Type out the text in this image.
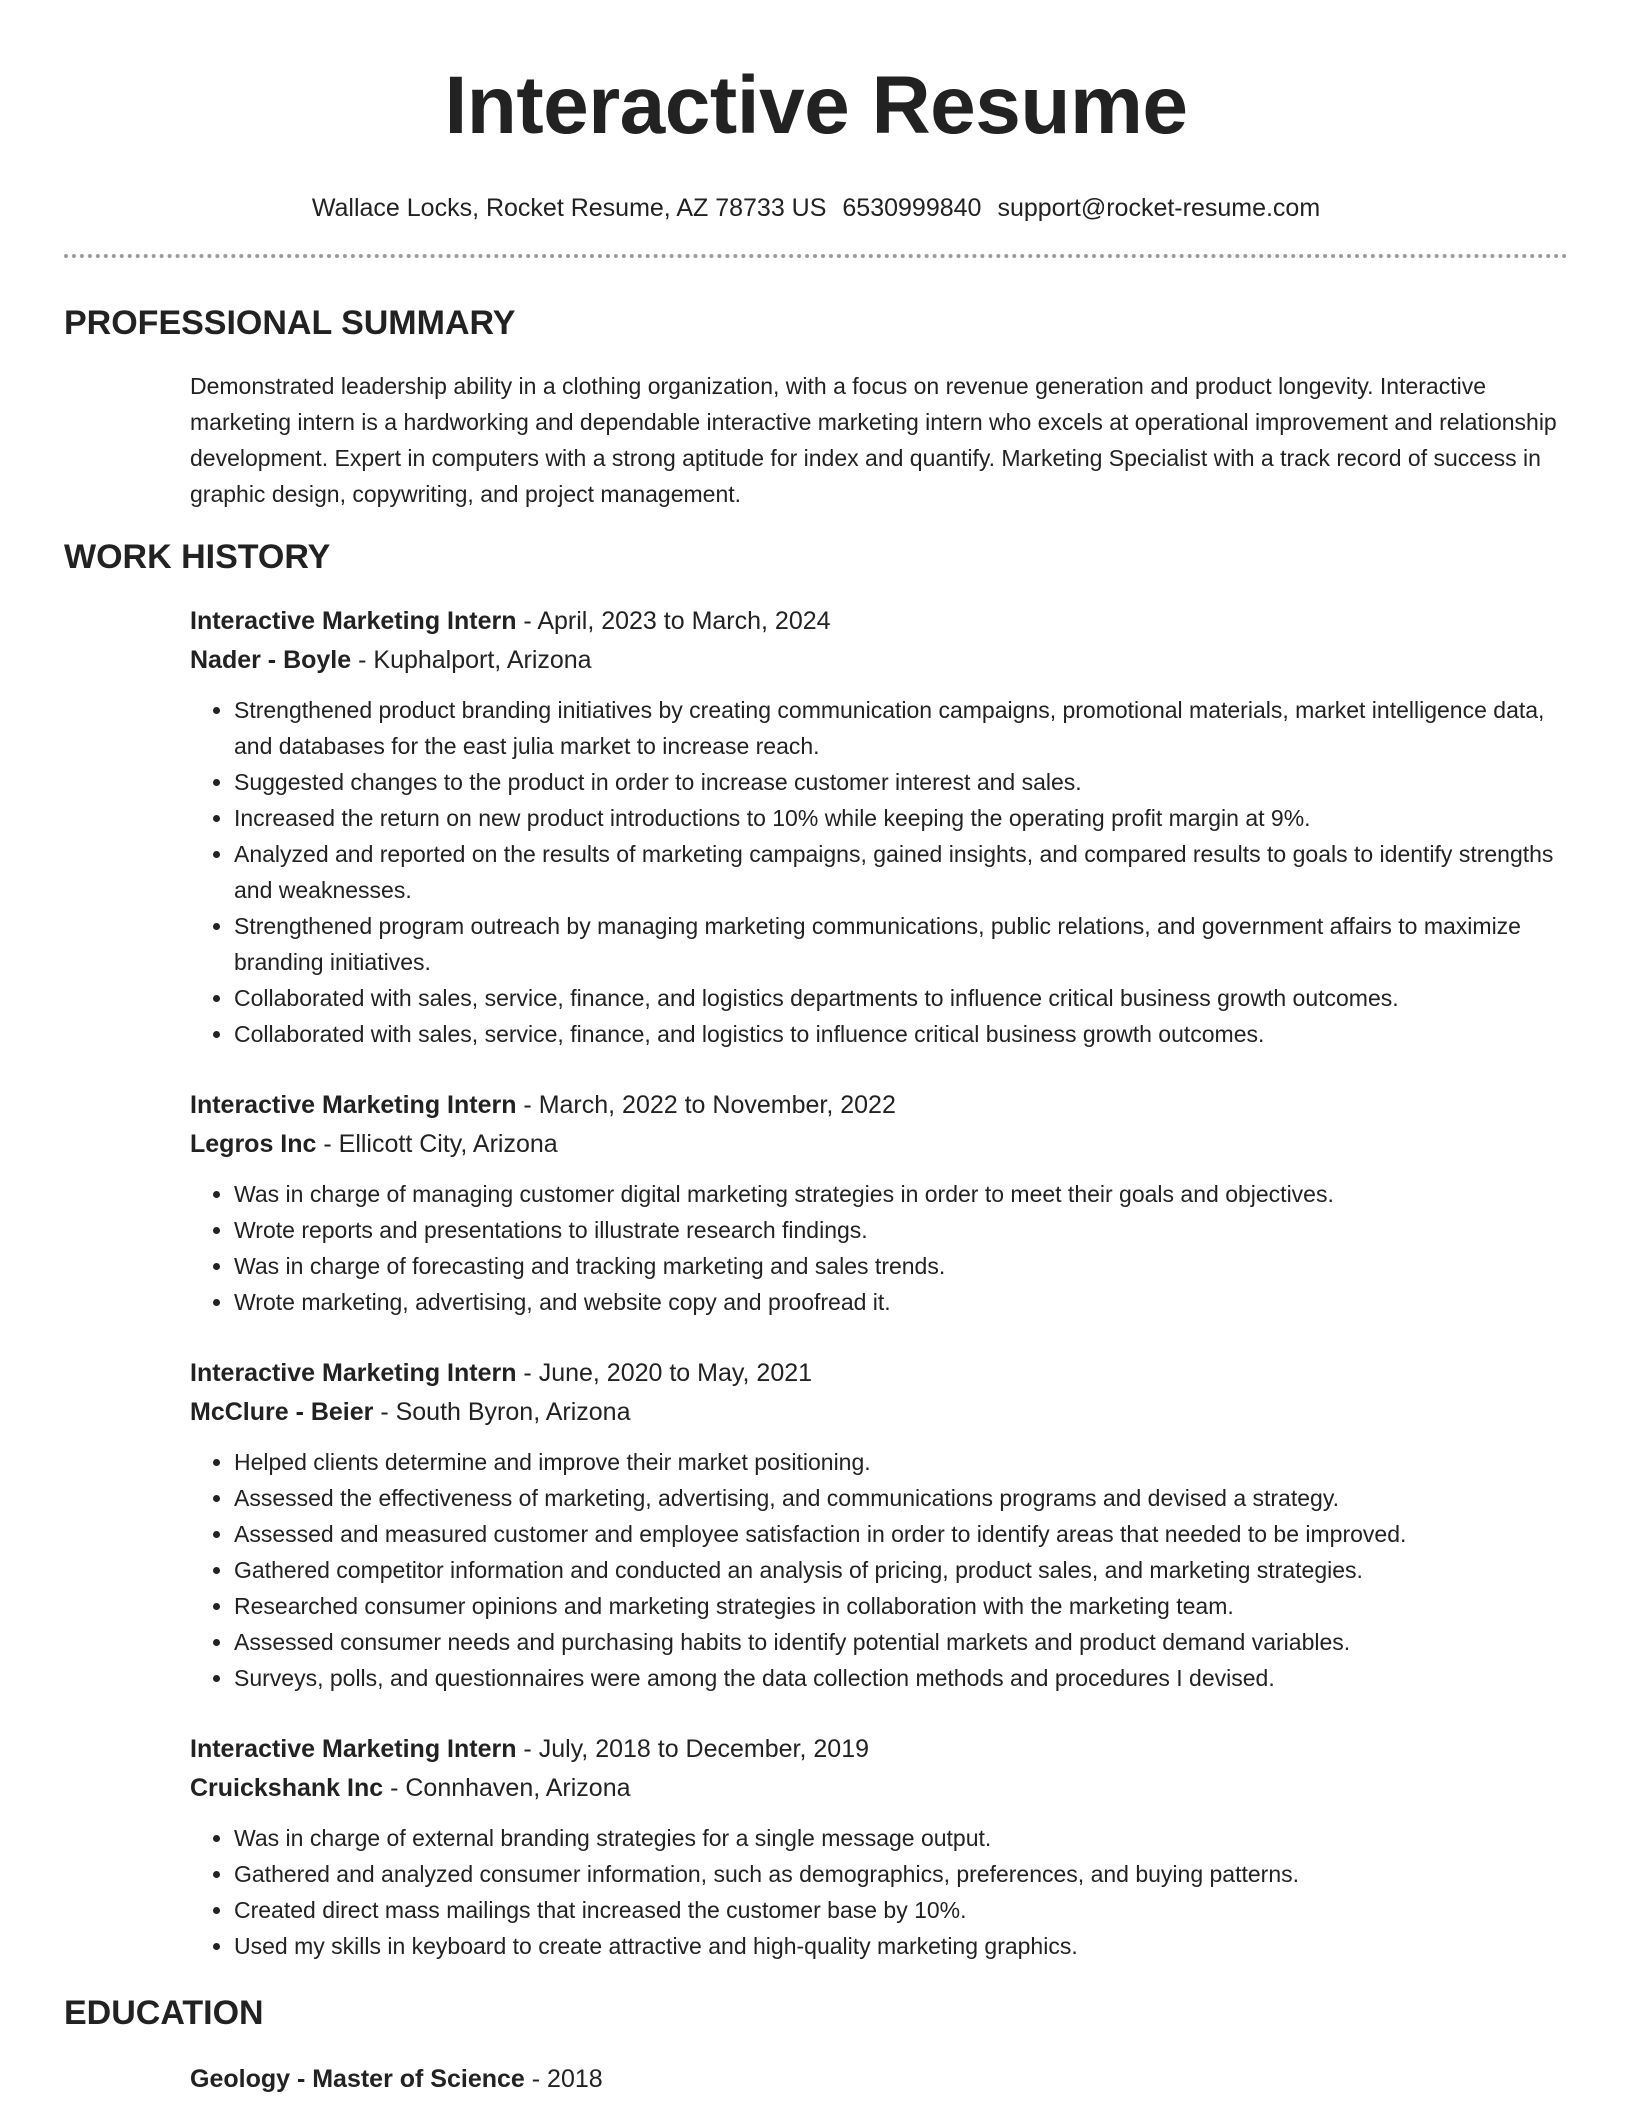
Interactive Resume
Wallace Locks, Rocket Resume, AZ 78733 US 6530999840 support@rocket-resume.com
PROFESSIONAL SUMMARY

Demonstrated leadership ability in a clothing organization, with a focus on revenue generation and product longevity. Interactive marketing intern is a hardworking and dependable interactive marketing intern who excels at operational improvement and relationship development. Expert in computers with a strong aptitude for index and quantify. Marketing Specialist with a track record of success in graphic design, copywriting, and project management.

WORK HISTORY
Interactive Marketing Intern - April, 2023 to March, 2024
Nader - Boyle - Kuphalport, Arizona
• Strengthened product branding initiatives by creating communication campaigns, promotional materials, market intelligence data, and databases for the east julia market to increase reach.
• Suggested changes to the product in order to increase customer interest and sales.
• Increased the return on new product introductions to 10% while keeping the operating profit margin at 9%.
• Analyzed and reported on the results of marketing campaigns, gained insights, and compared results to goals to identify strengths and weaknesses.
• Strengthened program outreach by managing marketing communications, public relations, and government affairs to maximize branding initiatives.
• Collaborated with sales, service, finance, and logistics departments to influence critical business growth outcomes.
• Collaborated with sales, service, finance, and logistics to influence critical business growth outcomes.
Interactive Marketing Intern - March, 2022 to November, 2022
Legros Inc - Ellicott City, Arizona
• Was in charge of managing customer digital marketing strategies in order to meet their goals and objectives.
• Wrote reports and presentations to illustrate research findings.
• Was in charge of forecasting and tracking marketing and sales trends.
• Wrote marketing, advertising, and website copy and proofread it.
Interactive Marketing Intern - June, 2020 to May, 2021
McClure - Beier - South Byron, Arizona
• Helped clients determine and improve their market positioning.
• Assessed the effectiveness of marketing, advertising, and communications programs and devised a strategy.
• Assessed and measured customer and employee satisfaction in order to identify areas that needed to be improved.
• Gathered competitor information and conducted an analysis of pricing, product sales, and marketing strategies.
• Researched consumer opinions and marketing strategies in collaboration with the marketing team.
• Assessed consumer needs and purchasing habits to identify potential markets and product demand variables.
• Surveys, polls, and questionnaires were among the data collection methods and procedures I devised.
Interactive Marketing Intern - July, 2018 to December, 2019
Cruickshank Inc - Connhaven, Arizona
• Was in charge of external branding strategies for a single message output.
• Gathered and analyzed consumer information, such as demographics, preferences, and buying patterns.
• Created direct mass mailings that increased the customer base by 10%.
• Used my skills in keyboard to create attractive and high-quality marketing graphics.
EDUCATION
Geology - Master of Science - 2018
